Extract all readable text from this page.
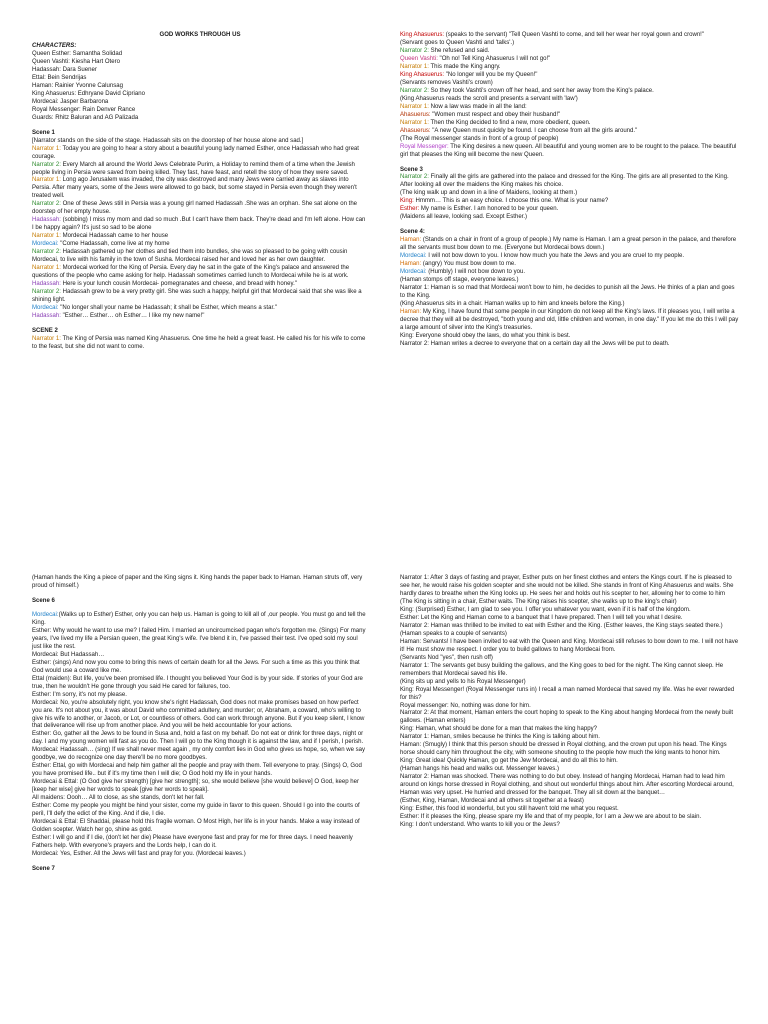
GOD WORKS THROUGH US

CHARACTERS:

Queen Esther: Samantha Solidad

Queen Vashti: Kiesha Hart Otero

Hadassah: Dara Suener

Ettal: Bein Sendrijas

Haman: Rainier Yvonne Calunsag

King Ahasuerus: Edhryane David Cipriano

Mordecai: Jasper Barbarona

Royal Messenger: Rain Denver Rance

Guards: Rhitz Baluran and AG Palizada

Scene 1

[Narrator stands on the side of the stage. Hadassah sits on the doorstep of her house alone and sad.]

Narrator 1: Today you are going to hear a story about a beautiful young lady named Esther, once Hadassah who had great courage.

Narrator 2: Every March all around the World Jews Celebrate Purim, a Holiday to remind them of a time when the Jewish people living in Persia were saved from being killed. They fast, have feast, and retell the story of how they were saved.

Narrator 1: Long ago Jerusalem was invaded, the city was destroyed and many Jews were carried away as slaves into Persia. After many years, some of the Jews were allowed to go back, but some stayed in Persia even though they weren't treated well.

Narrator 2: One of these Jews still in Persia was a young girl named Hadassah .She was an orphan. She sat alone on the doorstep of her empty house.

Hadassah: (sobbing) I miss my mom and dad so much .But I can't have them back. They're dead and I'm left alone. How can I be happy again? It's just so sad to be alone

Narrator 1: Mordecai Hadassah came to her house

Mordecai: "Come Hadassah, come live at my home

Narrator 2: Hadassah gathered up her clothes and tied them into bundles, she was so pleased to be going with cousin Mordecai, to live with his family in the town of Susha. Mordecai raised her and loved her as her own daughter.

Narrator 1: Mordecai worked for the King of Persia. Every day he sat in the gate of the King's palace and answered the questions of the people who came asking for help. Hadassah sometimes carried lunch to Mordecai while he is at work.

Hadassah: Here is your lunch cousin Mordecai- pomegranates and cheese, and bread with honey."

Narrator 2: Hadassah grew to be a very pretty girl. She was such a happy, helpful girl that Mordecai said that she was like a shining light.

Mordecai: "No longer shall your name be Hadassah; it shall be Esther, which means a star."

Hadassah: "Esther… Esther… oh Esther… I like my new name!"

SCENE 2

Narrator 1: The King of Persia was named King Ahasuerus. One time he held a great feast. He called his for his wife to come to the feast, but she did not want to come.

King Ahasuerus: (speaks to the servant) "Tell Queen Vashti to come, and tell her wear her royal gown and crown!"

(Servant goes to Queen Vashti and 'talks'.)

Narrator 2: She refused and said.

Queen Vashti: "Oh no! Tell King Ahasuerus I will not go!"

Narrator 1: This made the King angry.

King Ahasuerus: "No longer will you be my Queen!"

(Servants removes Vashti's crown)

Narrator 2: So they took Vashti's crown off her head, and sent her away from the King's palace.

(King Ahasuerus reads the scroll and presents a servant with 'law')

Narrator 1: Now a law was made in all the land:

Ahasuerus: "Women must respect and obey their husband!"

Narrator 1: Then the King decided to find a new, more obedient, queen.

Ahasuerus: "A new Queen must quickly be found. I can choose from all the girls around."

(The Royal messenger stands in front of a group of people)

Royal Messenger: The King desires a new queen. All beautiful and young women are to be rought to the palace. The beautiful girl that pleases the King will become the new Queen.

Scene 3

Narrator 2: Finally all the girls are gathered into the palace and dressed for the King. The girls are all presented to the King. After looking all over the maidens the King makes his choice.

(The king walk up and down in a line of Maidens, looking at them.)

King: Hmmm… This is an easy choice. I choose this one. What is your name?

Esther: My name is Esther. I am honored to be your queen.

(Maidens all leave, looking sad. Except Esther.)

Scene 4:

Haman: (Stands on a chair in front of a group of people.) My name is Haman. I am a great person in the palace, and therefore all the servants must bow down to me. (Everyone but Mordecai bows down.)

Mordecai: I will not bow down to you. I know how much you hate the Jews and you are cruel to my people.

Haman: (angry) You must bow down to me.

Mordecai: (Humbly) I will not bow down to you.

(Haman stomps off stage, everyone leaves.)

Narrator 1: Haman is so mad that Mordecai won't bow to him, he decides to punish all the Jews. He thinks of a plan and goes to the King.

(King Ahasuerus sits in a chair. Haman walks up to him and kneels before the King.)

Haman: My King, I have found that some people in our Kingdom do not keep all the King's laws. If it pleases you, I will write a decree that they will all be destroyed, "both young and old, little children and women, in one day." If you let me do this I will pay a large amount of silver into the King's treasuries.

King: Everyone should obey the laws, do what you think is best.

Narrator 2: Haman writes a decree to everyone that on a certain day all the Jews will be put to death.

(Haman hands the King a piece of paper and the King signs it. King hands the paper back to Haman. Haman struts off, very proud of himself.)

Scene 6

Mordecai:(Walks up to Esther) Esther, only you can help us. Haman is going to kill all of ,our people. You must go and tell the King.

Esther: Why would he want to use me? I failed Him. I married an uncircumcised pagan who's forgotten me. (Sings) For many years, I've lived my life a Persian queen, the great King's wife. I've blend it in, I've passed their test. I've oped sold my soul just like the rest.

Mordecai: But Hadassah…

Esther: (sings) And now you come to bring this news of certain death for all the Jews. For such a time as this you think that God would use a coward like me.

Ettal (maiden): But life, you've been promised life. I thought you believed Your God is by your side. If stories of your God are true, then he wouldn't He gone through you said He cared for failures, too.

Esther: I'm sorry, it's not my please.

Mordecai: No, you're absolutely right, you know she's right Hadassah, God does not make promises based on how perfect you are. It's not about you, it was about David who committed adultery, and murder; or, Abraham, a coward, who's willing to give his wife to another, or Jacob, or Lot, or countless of others. God can work through anyone. But if you keep silent, I know that deliverance will rise up from another place. And you will be held accountable for your actions.

Esther: Go, gather all the Jews to be found in Susa and, hold a fast on my behalf. Do not eat or drink for three days, night or day. I and my young women will fast as you do. Then I will go to the King though it is against the law, and if I perish, I perish.

Mordecai: Hadassah… (sing) If we shall never meet again , my only comfort lies in God who gives us hope, so, when we say goodbye, we do recognize one day there'll be no more goodbyes.

Esther: Ettal, go with Mordecai and help him gather all the people and pray with them. Tell everyone to pray. (Sings) O, God you have promised life.. but if it's my time then I will die; O God hold my life in your hands.

Mordecai & Ettal: (O God give her strength) [give her strength]; so, she would believe [she would believe] O God, keep her [keep her wise] give her words to speak [give her words to speak].

All maidens: Oooh… All to close, as she stands, don't let her fall.

Esther: Come my people you might be hind your sister, come my guide in favor to this queen. Should I go into the courts of peril, I'll defy the edict of the King. And if die, I die.

Mordecai & Ettal: El Shaddai, please hold this fragile woman. O Most High, her life is in your hands. Make a way instead of Golden scepter. Watch her go, shine as gold.

Esther: I will go and if I die, (don't let her die) Please have everyone fast and pray for me for three days. I need heavenly Fathers help. With everyone's prayers and the Lords help, I can do it.

Mordecai: Yes, Esther. All the Jews will fast and pray for you. (Mordecai leaves.)

Scene 7

Narrator 1: After 3 days of fasting and prayer, Esther puts on her finest clothes and enters the Kings court. If he is pleased to see her, he would raise his golden scepter and she would not be killed. She stands in front of King Ahasuerus and waits. She hardly dares to breathe when the King looks up. He sees her and holds out his scepter to her, allowing her to come to him

(The King is sitting in a chair, Esther waits. The King raises his scepter, she walks up to the king's chair)

King: (Surprised) Esther, I am glad to see you. I offer you whatever you want, even if it is half of the kingdom.

Esther: Let the King and Haman come to a banquet that I have prepared. Then I will tell you what I desire.

Narrator 2: Haman was thrilled to be invited to eat with Esther and the King. (Esther leaves, the King stays seated there.)

(Haman speaks to a couple of servants)

Haman: Servants! I have been invited to eat with the Queen and King. Mordecai still refuses to bow down to me. I will not have it! He must show me respect. I order you to build gallows to hang Mordecai from.

(Servants Nod "yes", then rush off)

Narrator 1: The servants get busy building the gallows, and the King goes to bed for the night. The King cannot sleep. He remembers that Mordecai saved his life.

(King sits up and yells to his Royal Messenger)

King: Royal Messenger! (Royal Messenger runs in) I recall a man named Mordecai that saved my life. Was he ever rewarded for this?

Royal messenger: No, nothing was done for him.

Narrator 2: At that moment, Haman enters the court hoping to speak to the King about hanging Mordecai from the newly built gallows. (Haman enters)

King: Haman, what should be done for a man that makes the king happy?

Narrator 1: Haman, smiles because he thinks the King is talking about him.

Haman: (Smugly) I think that this person should be dressed in Royal clothing, and the crown put upon his head. The Kings horse should carry him throughout the city, with someone shouting to the people how much the king wants to honor him.

King: Great idea! Quickly Haman, go get the Jew Mordecai, and do all this to him.

(Haman hangs his head and walks out. Messenger leaves.)

Narrator 2: Haman was shocked. There was nothing to do but obey. Instead of hanging Mordecai, Haman had to lead him around on kings horse dressed in Royal clothing, and shout out wonderful things about him. After escorting Mordecai around, Haman was very upset. He hurried and dressed for the banquet. They all sit down at the banquet…

(Esther, King, Haman, Mordecai and all others sit together at a feast)

King: Esther, this food id wonderful, but you still haven't told me what you request.

Esther: If it pleases the King, please spare my life and that of my people, for I am a Jew we are about to be slain.

King: I don't understand. Who wants to kill you or the Jews?
